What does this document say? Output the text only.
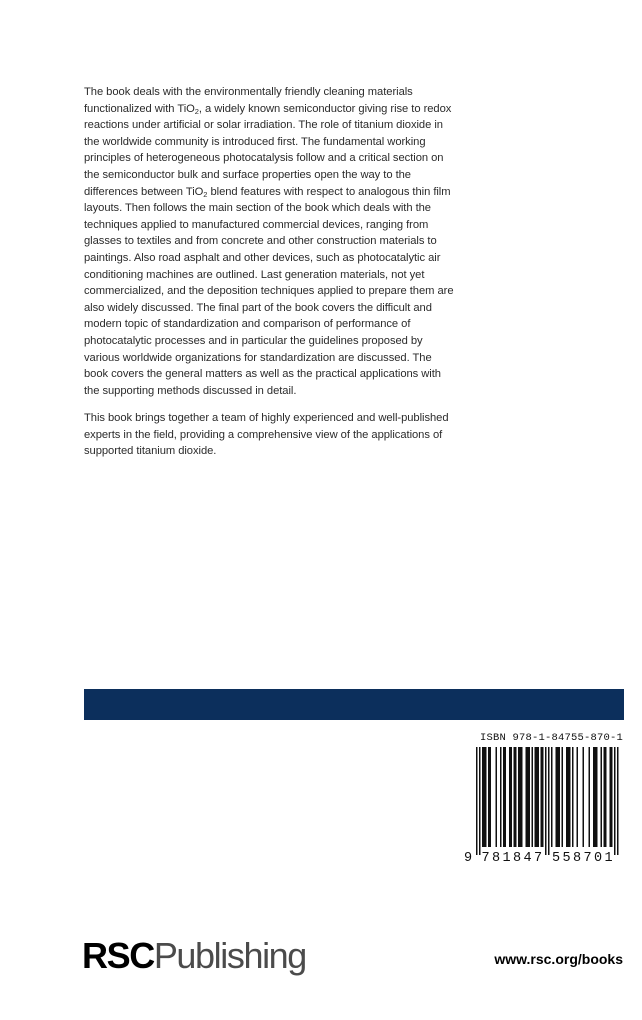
The book deals with the environmentally friendly cleaning materials functionalized with TiO$_2$, a widely known semiconductor giving rise to redox reactions under artificial or solar irradiation. The role of titanium dioxide in the worldwide community is introduced first. The fundamental working principles of heterogeneous photocatalysis follow and a critical section on the semiconductor bulk and surface properties open the way to the differences between TiO$_2$ blend features with respect to analogous thin film layouts. Then follows the main section of the book which deals with the techniques applied to manufactured commercial devices, ranging from glasses to textiles and from concrete and other construction materials to paintings. Also road asphalt and other devices, such as photocatalytic air conditioning machines are outlined. Last generation materials, not yet commercialized, and the deposition techniques applied to prepare them are also widely discussed. The final part of the book covers the difficult and modern topic of standardization and comparison of performance of photocatalytic processes and in particular the guidelines proposed by various worldwide organizations for standardization are discussed. The book covers the general matters as well as the practical applications with the supporting methods discussed in detail.

This book brings together a team of highly experienced and well-published experts in the field, providing a comprehensive view of the applications of supported titanium dioxide.

ISBN 978-1-84755-870-1
9 7 8 1 8 4 7 5 5 8 7 0 1
RSCPublishing	www.rsc.org/books
